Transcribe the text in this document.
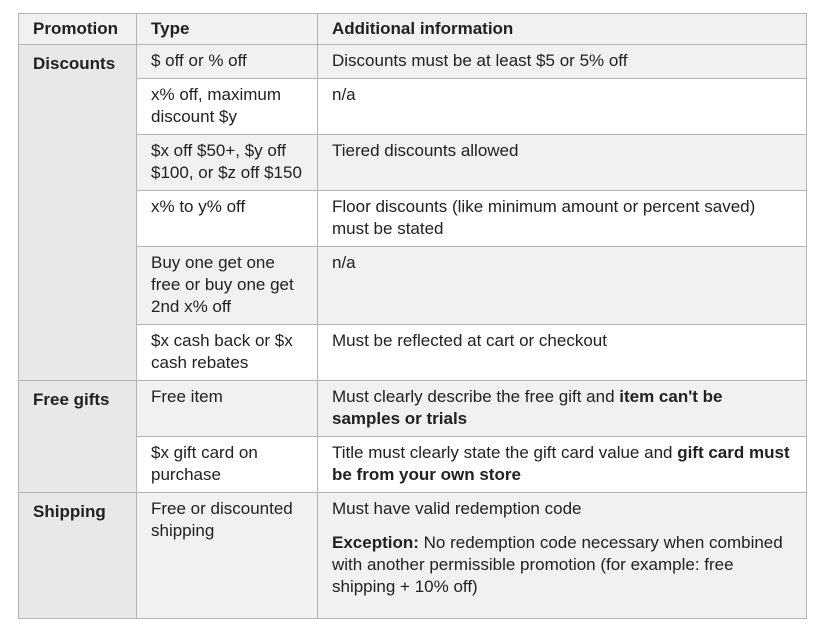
Promotion	Type	Additional information
Discounts	$ off or % off	Discounts must be at least $5 or 5% off
	x% off, maximum discount $y	n/a
	$x off $50+, $y off $100, or $z off $150	Tiered discounts allowed
	x% to y% off	Floor discounts (like minimum amount or percent saved) must be stated
	Buy one get one free or buy one get 2nd x% off	n/a
	$x cash back or $x cash rebates	Must be reflected at cart or checkout
Free gifts	Free item	Must clearly describe the free gift and item can't be samples or trials
	$x gift card on purchase	Title must clearly state the gift card value and gift card must be from your own store
Shipping	Free or discounted shipping	Must have valid redemption code
Exception: No redemption code necessary when combined with another permissible promotion (for example: free shipping + 10% off)
